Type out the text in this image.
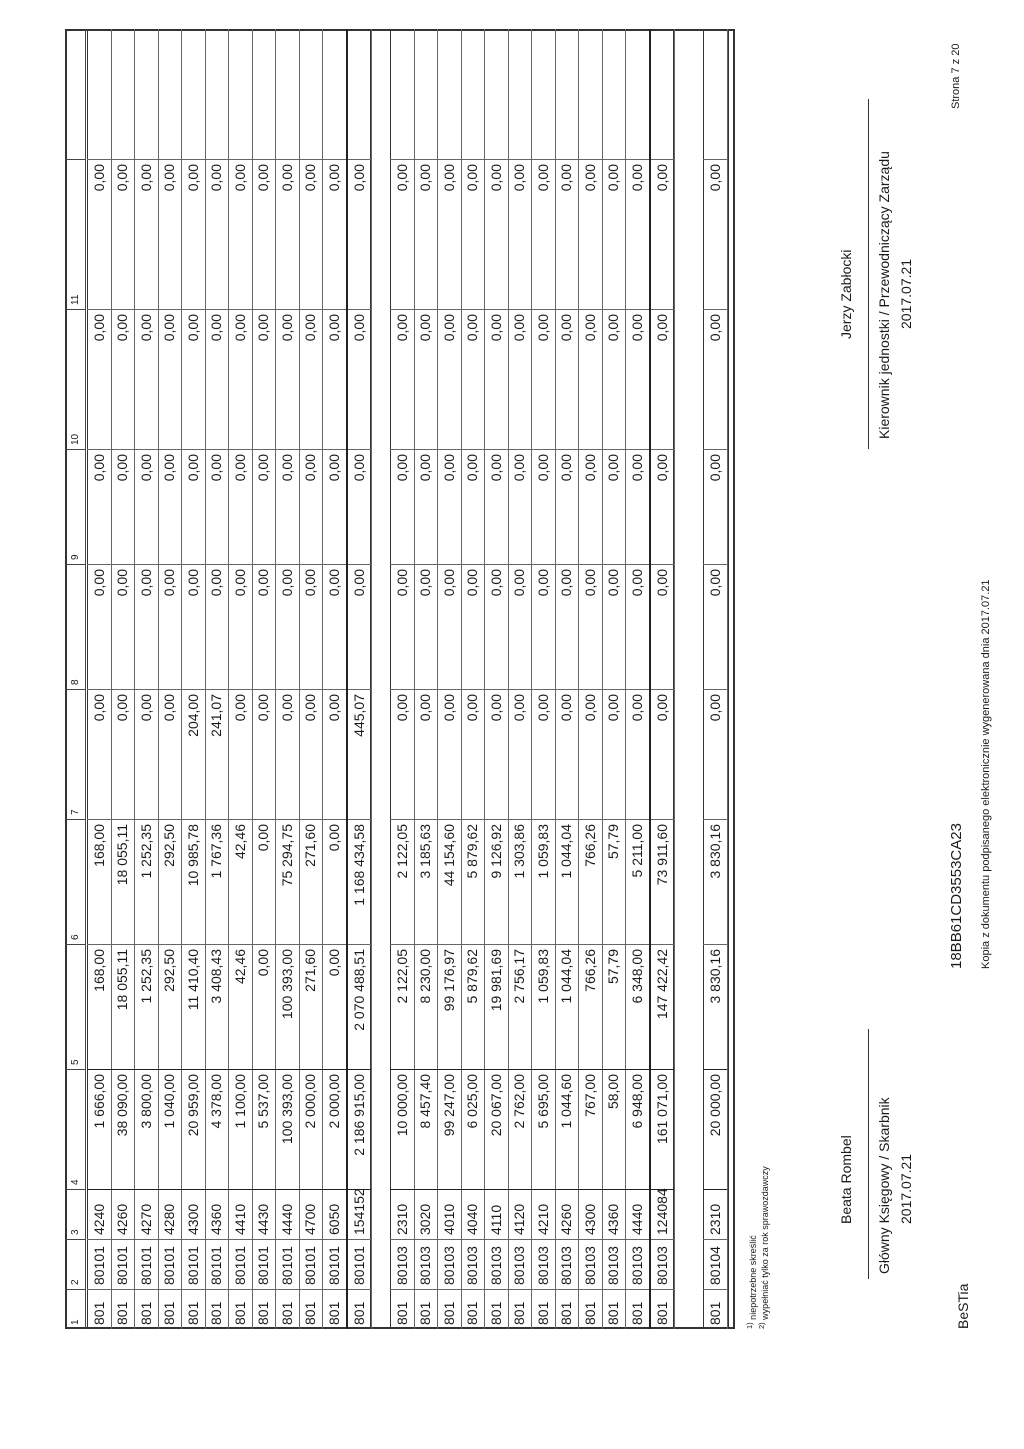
1
2
3
4
5
6
7
8
9
10
11
801
80101
4240
1 666,00
168,00
168,00
0,00
0,00
0,00
0,00
0,00
801
80101
4260
38 090,00
18 055,11
18 055,11
0,00
0,00
0,00
0,00
0,00
801
80101
4270
3 800,00
1 252,35
1 252,35
0,00
0,00
0,00
0,00
0,00
801
80101
4280
1 040,00
292,50
292,50
0,00
0,00
0,00
0,00
0,00
801
80101
4300
20 959,00
11 410,40
10 985,78
204,00
0,00
0,00
0,00
0,00
801
80101
4360
4 378,00
3 408,43
1 767,36
241,07
0,00
0,00
0,00
0,00
801
80101
4410
1 100,00
42,46
42,46
0,00
0,00
0,00
0,00
0,00
801
80101
4430
5 537,00
0,00
0,00
0,00
0,00
0,00
0,00
0,00
801
80101
4440
100 393,00
100 393,00
75 294,75
0,00
0,00
0,00
0,00
0,00
801
80101
4700
2 000,00
271,60
271,60
0,00
0,00
0,00
0,00
0,00
801
80101
6050
2 000,00
0,00
0,00
0,00
0,00
0,00
0,00
0,00
801
80101
154152
2 186 915,00
2 070 488,51
1 168 434,58
445,07
0,00
0,00
0,00
0,00
801
80103
2310
10 000,00
2 122,05
2 122,05
0,00
0,00
0,00
0,00
0,00
801
80103
3020
8 457,40
8 230,00
3 185,63
0,00
0,00
0,00
0,00
0,00
801
80103
4010
99 247,00
99 176,97
44 154,60
0,00
0,00
0,00
0,00
0,00
801
80103
4040
6 025,00
5 879,62
5 879,62
0,00
0,00
0,00
0,00
0,00
801
80103
4110
20 067,00
19 981,69
9 126,92
0,00
0,00
0,00
0,00
0,00
801
80103
4120
2 762,00
2 756,17
1 303,86
0,00
0,00
0,00
0,00
0,00
801
80103
4210
5 695,00
1 059,83
1 059,83
0,00
0,00
0,00
0,00
0,00
801
80103
4260
1 044,60
1 044,04
1 044,04
0,00
0,00
0,00
0,00
0,00
801
80103
4300
767,00
766,26
766,26
0,00
0,00
0,00
0,00
0,00
801
80103
4360
58,00
57,79
57,79
0,00
0,00
0,00
0,00
0,00
801
80103
4440
6 948,00
6 348,00
5 211,00
0,00
0,00
0,00
0,00
0,00
801
80103
124084
161 071,00
147 422,42
73 911,60
0,00
0,00
0,00
0,00
0,00
801
80104
2310
20 000,00
3 830,16
3 830,16
0,00
0,00
0,00
0,00
0,00
$^{1)}$ niepotrzebne skreślić
$^{2)}$ wypełniać tylko za rok sprawozdawczy	Beata Rombel Główny Księgowy / Skarbnik 2017.07.21
Jerzy Zabłocki Kierownik jednostki / Przewodniczący Zarządu 2017.07.21
BeSTia
18BB61CD3553CA23 Kopia z dokumentu podpisanego elektronicznie wygenerowana dnia 2017.07.21
Strona 7 z 20
